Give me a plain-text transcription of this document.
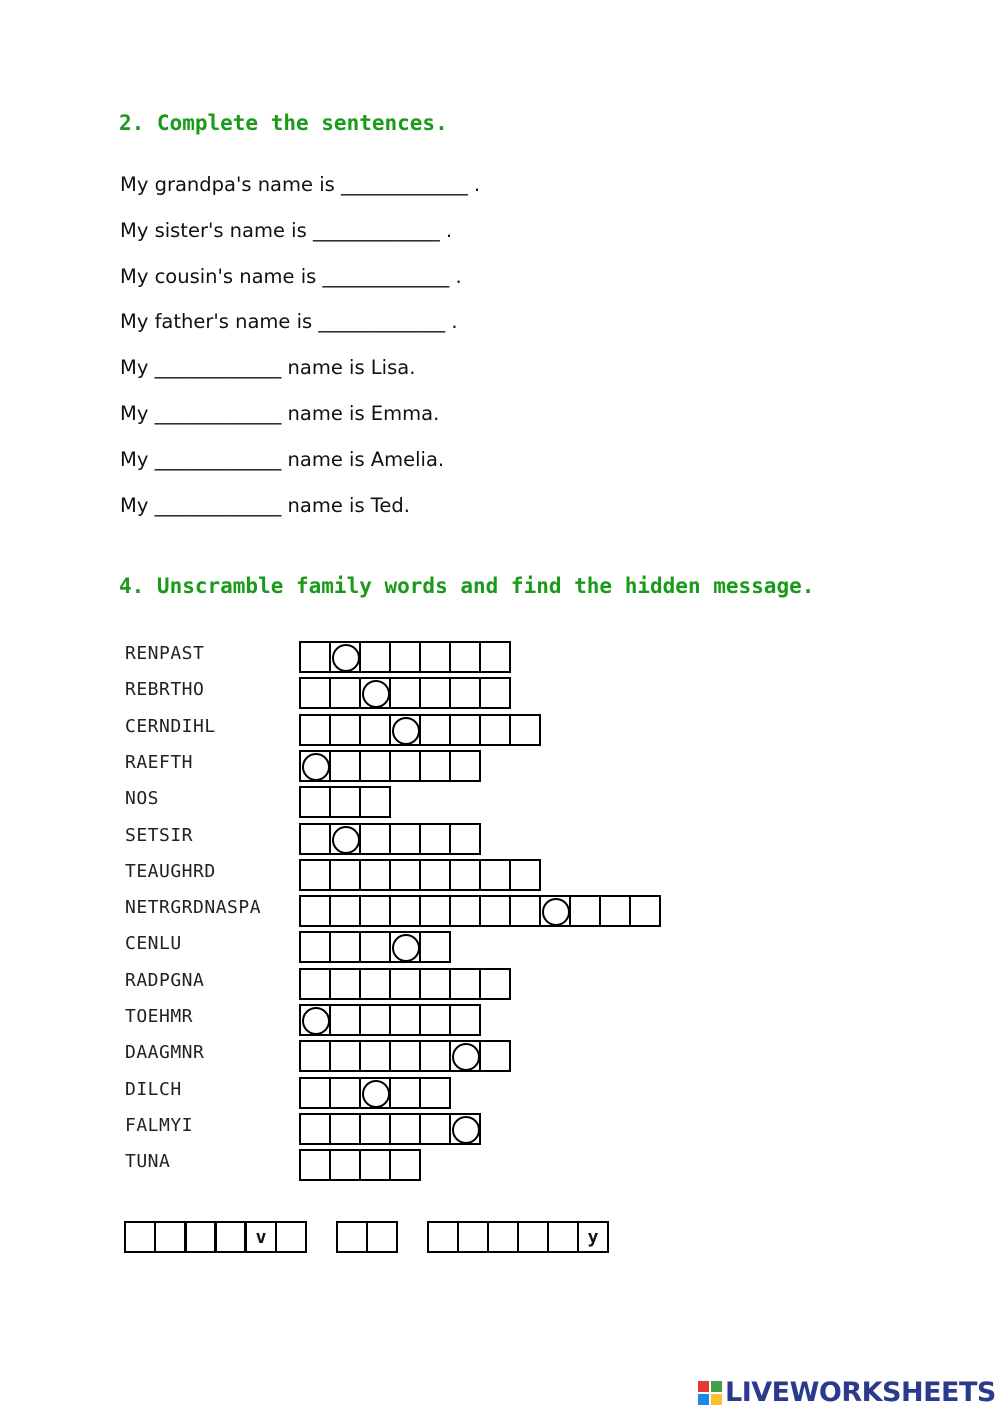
2. Complete the sentences.

My grandpa's name is _____________ .

My sister's name is _____________ .

My cousin's name is _____________ .

My father's name is _____________ .

My _____________ name is Lisa.

My _____________ name is Emma.

My _____________ name is Amelia.

My _____________ name is Ted.

4. Unscramble family words and find the hidden message.
RENPAST
REBRTHO
CERNDIHL
RAEFTH
NOS
SETSIR
TEAUGHRD
NETRGRDNASPA
CENLU
RADPGNA
TOEHMR
DAAGMNR
DILCH
FALMYI
TUNA
v	y
LIVEWORKSHEETS
